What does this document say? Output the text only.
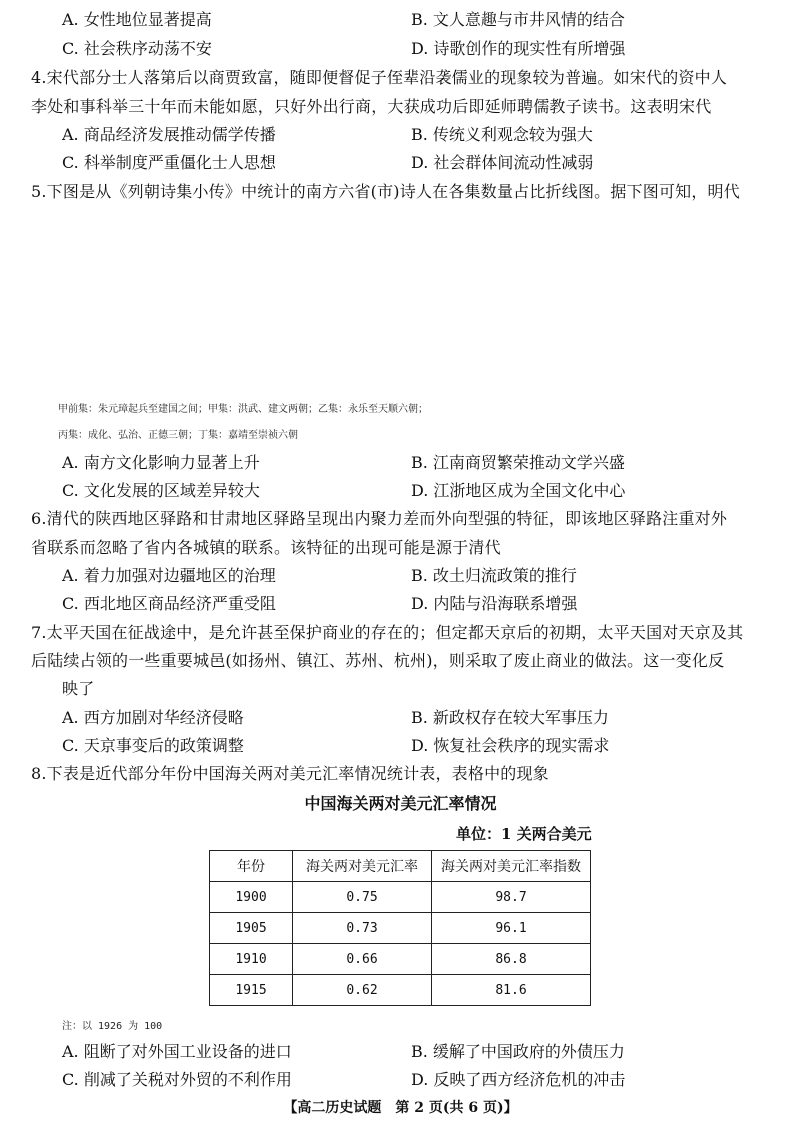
A. 女性地位显著提高	B. 文人意趣与市井风情的结合
C. 社会秩序动荡不安	D. 诗歌创作的现实性有所增强
4.宋代部分士人落第后以商贾致富，随即便督促子侄辈沿袭儒业的现象较为普遍。如宋代的资中人
李处和事科举三十年而未能如愿，只好外出行商，大获成功后即延师聘儒教子读书。这表明宋代
A. 商品经济发展推动儒学传播	B. 传统义利观念较为强大
C. 科举制度严重僵化士人思想	D. 社会群体间流动性减弱
5.下图是从《列朝诗集小传》中统计的南方六省(市)诗人在各集数量占比折线图。据下图可知，明代
甲前集：朱元璋起兵至建国之间；甲集：洪武、建文两朝；乙集：永乐至天顺六朝；
丙集：成化、弘治、正德三朝；丁集：嘉靖至崇祯六朝
A. 南方文化影响力显著上升	B. 江南商贸繁荣推动文学兴盛
C. 文化发展的区域差异较大	D. 江浙地区成为全国文化中心
6.清代的陕西地区驿路和甘肃地区驿路呈现出内聚力差而外向型强的特征，即该地区驿路注重对外
省联系而忽略了省内各城镇的联系。该特征的出现可能是源于清代
A. 着力加强对边疆地区的治理	B. 改土归流政策的推行
C. 西北地区商品经济严重受阻	D. 内陆与沿海联系增强
7.太平天国在征战途中，是允许甚至保护商业的存在的；但定都天京后的初期，太平天国对天京及其
后陆续占领的一些重要城邑(如扬州、镇江、苏州、杭州)，则采取了废止商业的做法。这一变化反
映了
A. 西方加剧对华经济侵略	B. 新政权存在较大军事压力
C. 天京事变后的政策调整	D. 恢复社会秩序的现实需求
8.下表是近代部分年份中国海关两对美元汇率情况统计表，表格中的现象
中国海关两对美元汇率情况
单位：1 关两合美元
年份	海关两对美元汇率	海关两对美元汇率指数
1900	0.75	98.7
1905	0.73	96.1
1910	0.66	86.8
1915	0.62	81.6
注：以 1926 为 100
A. 阻断了对外国工业设备的进口	B. 缓解了中国政府的外债压力
C. 削减了关税对外贸的不利作用	D. 反映了西方经济危机的冲击
【高二历史试题　第 2 页(共 6 页)】
